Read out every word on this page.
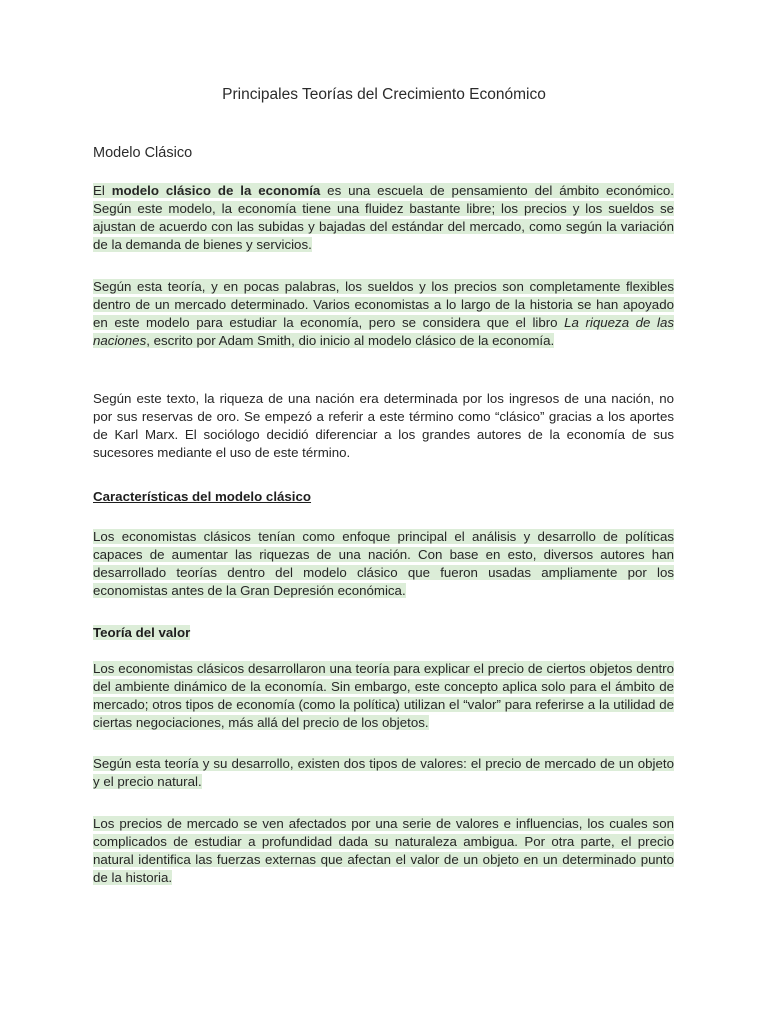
Principales Teorías del Crecimiento Económico
Modelo Clásico

El modelo clásico de la economía es una escuela de pensamiento del ámbito económico. Según este modelo, la economía tiene una fluidez bastante libre; los precios y los sueldos se ajustan de acuerdo con las subidas y bajadas del estándar del mercado, como según la variación de la demanda de bienes y servicios.

Según esta teoría, y en pocas palabras, los sueldos y los precios son completamente flexibles dentro de un mercado determinado. Varios economistas a lo largo de la historia se han apoyado en este modelo para estudiar la economía, pero se considera que el libro La riqueza de las naciones, escrito por Adam Smith, dio inicio al modelo clásico de la economía.

Según este texto, la riqueza de una nación era determinada por los ingresos de una nación, no por sus reservas de oro. Se empezó a referir a este término como “clásico” gracias a los aportes de Karl Marx. El sociólogo decidió diferenciar a los grandes autores de la economía de sus sucesores mediante el uso de este término.

Características del modelo clásico

Los economistas clásicos tenían como enfoque principal el análisis y desarrollo de políticas capaces de aumentar las riquezas de una nación. Con base en esto, diversos autores han desarrollado teorías dentro del modelo clásico que fueron usadas ampliamente por los economistas antes de la Gran Depresión económica.

Teoría del valor

Los economistas clásicos desarrollaron una teoría para explicar el precio de ciertos objetos dentro del ambiente dinámico de la economía. Sin embargo, este concepto aplica solo para el ámbito de mercado; otros tipos de economía (como la política) utilizan el “valor” para referirse a la utilidad de ciertas negociaciones, más allá del precio de los objetos.

Según esta teoría y su desarrollo, existen dos tipos de valores: el precio de mercado de un objeto y el precio natural.

Los precios de mercado se ven afectados por una serie de valores e influencias, los cuales son complicados de estudiar a profundidad dada su naturaleza ambigua. Por otra parte, el precio natural identifica las fuerzas externas que afectan el valor de un objeto en un determinado punto de la historia.
